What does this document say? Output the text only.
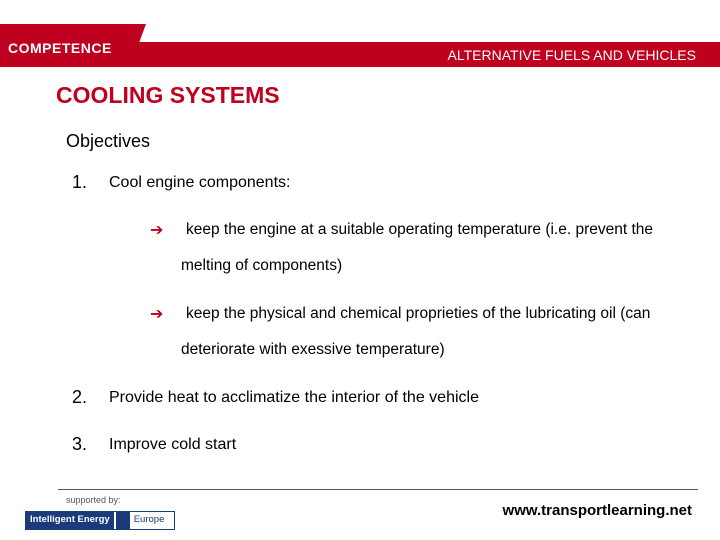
COMPETENCE	ALTERNATIVE FUELS AND VEHICLES
COOLING SYSTEMS
Objectives
1. Cool engine components:
➔	keep the engine at a suitable operating temperature (i.e. prevent the melting of components)
➔	keep the physical and chemical proprieties of the lubricating oil (can deteriorate with exessive temperature)
2. Provide heat to acclimatize the interior of the vehicle
3. Improve cold start
supported by:
Intelligent Energy	Europe
www.transportlearning.net
